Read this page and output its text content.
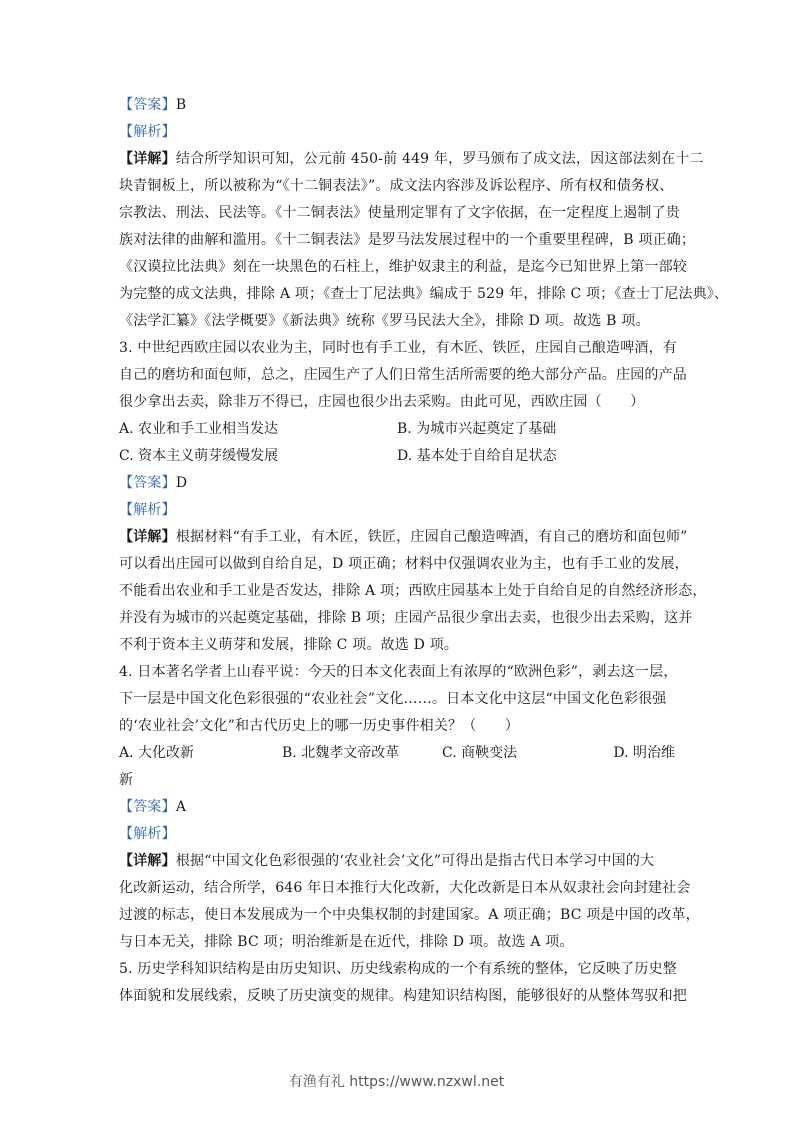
【答案】B
【解析】
【详解】结合所学知识可知，公元前 450-前 449 年，罗马颁布了成文法，因这部法刻在十二
块青铜板上，所以被称为“《十二铜表法》”。成文法内容涉及诉讼程序、所有权和债务权、
宗教法、刑法、民法等。《十二铜表法》使量刑定罪有了文字依据，在一定程度上遏制了贵
族对法律的曲解和滥用。《十二铜表法》是罗马法发展过程中的一个重要里程碑，B 项正确；
《汉谟拉比法典》刻在一块黑色的石柱上，维护奴隶主的利益，是迄今已知世界上第一部较
为完整的成文法典，排除 A 项；《查士丁尼法典》编成于 529 年，排除 C 项；《查士丁尼法典》、
《法学汇纂》《法学概要》《新法典》统称《罗马民法大全》，排除 D 项。故选 B 项。
3. 中世纪西欧庄园以农业为主，同时也有手工业，有木匠、铁匠，庄园自己酿造啤酒，有
自己的磨坊和面包师，总之，庄园生产了人们日常生活所需要的绝大部分产品。庄园的产品
很少拿出去卖，除非万不得已，庄园也很少出去采购。由此可见，西欧庄园（　　）
A. 农业和手工业相当发达	B. 为城市兴起奠定了基础
C. 资本主义萌芽缓慢发展	D. 基本处于自给自足状态
【答案】D
【解析】
【详解】根据材料“有手工业，有木匠，铁匠，庄园自己酿造啤酒，有自己的磨坊和面包师”
可以看出庄园可以做到自给自足，D 项正确；材料中仅强调农业为主，也有手工业的发展，
不能看出农业和手工业是否发达，排除 A 项；西欧庄园基本上处于自给自足的自然经济形态，
并没有为城市的兴起奠定基础，排除 B 项；庄园产品很少拿出去卖，也很少出去采购，这并
不利于资本主义萌芽和发展，排除 C 项。故选 D 项。
4. 日本著名学者上山春平说：今天的日本文化表面上有浓厚的“欧洲色彩”，剥去这一层，
下一层是中国文化色彩很强的“农业社会”文化……。日本文化中这层“中国文化色彩很强
的‘农业社会’文化”和古代历史上的哪一历史事件相关？（　　）
A. 大化改新	B. 北魏孝文帝改革	C. 商鞅变法	D. 明治维
新
【答案】A
【解析】
【详解】根据“中国文化色彩很强的‘农业社会’文化”可得出是指古代日本学习中国的大
化改新运动，结合所学，646 年日本推行大化改新，大化改新是日本从奴隶社会向封建社会
过渡的标志，使日本发展成为一个中央集权制的封建国家。A 项正确；BC 项是中国的改革，
与日本无关，排除 BC 项；明治维新是在近代，排除 D 项。故选 A 项。
5. 历史学科知识结构是由历史知识、历史线索构成的一个有系统的整体，它反映了历史整
体面貌和发展线索，反映了历史演变的规律。构建知识结构图，能够很好的从整体驾驭和把
有渔有礼 https://www.nzxwl.net
